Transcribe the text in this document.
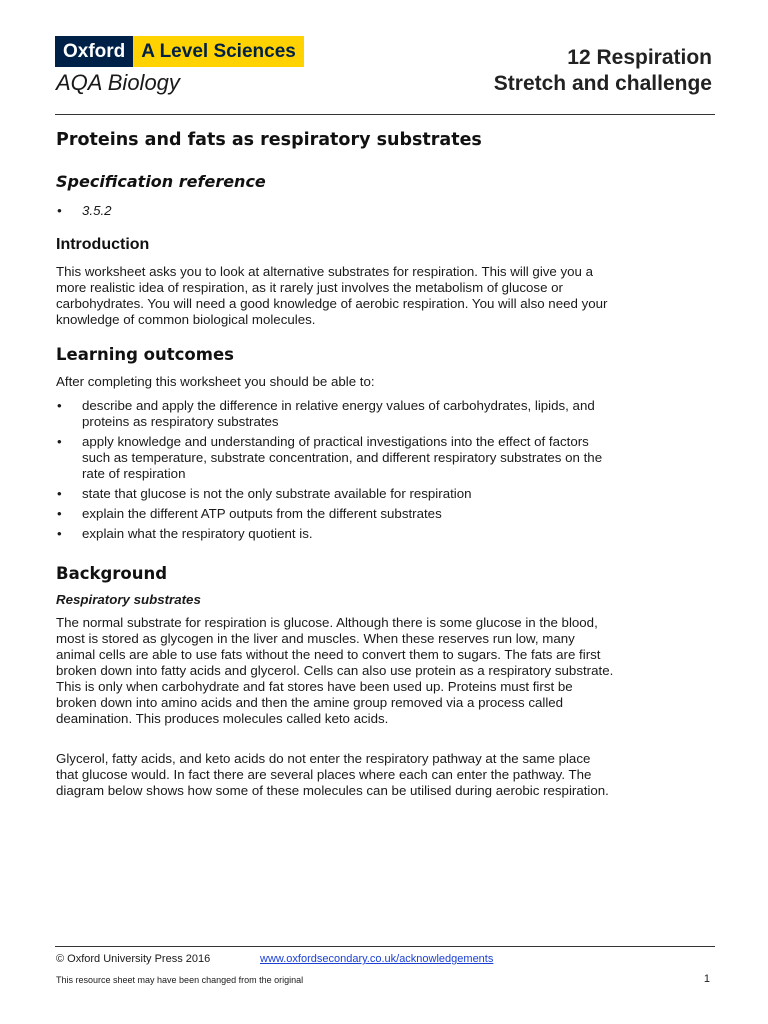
Oxford A Level Sciences
AQA Biology
12 Respiration
Stretch and challenge
Proteins and fats as respiratory substrates
Specification reference
• 3.5.2
Introduction

This worksheet asks you to look at alternative substrates for respiration. This will give you a more realistic idea of respiration, as it rarely just involves the metabolism of glucose or carbohydrates. You will need a good knowledge of aerobic respiration. You will also need your knowledge of common biological molecules.

Learning outcomes

After completing this worksheet you should be able to:

• describe and apply the difference in relative energy values of carbohydrates, lipids, and proteins as respiratory substrates
• apply knowledge and understanding of practical investigations into the effect of factors such as temperature, substrate concentration, and different respiratory substrates on the rate of respiration
• state that glucose is not the only substrate available for respiration
• explain the different ATP outputs from the different substrates
• explain what the respiratory quotient is.
Background
Respiratory substrates

The normal substrate for respiration is glucose. Although there is some glucose in the blood, most is stored as glycogen in the liver and muscles. When these reserves run low, many animal cells are able to use fats without the need to convert them to sugars. The fats are first broken down into fatty acids and glycerol. Cells can also use protein as a respiratory substrate. This is only when carbohydrate and fat stores have been used up. Proteins must first be broken down into amino acids and then the amine group removed via a process called deamination. This produces molecules called keto acids.

Glycerol, fatty acids, and keto acids do not enter the respiratory pathway at the same place that glucose would. In fact there are several places where each can enter the pathway. The diagram below shows how some of these molecules can be utilised during aerobic respiration.

© Oxford University Press 2016	www.oxfordsecondary.co.uk/acknowledgements
This resource sheet may have been changed from the original	1
